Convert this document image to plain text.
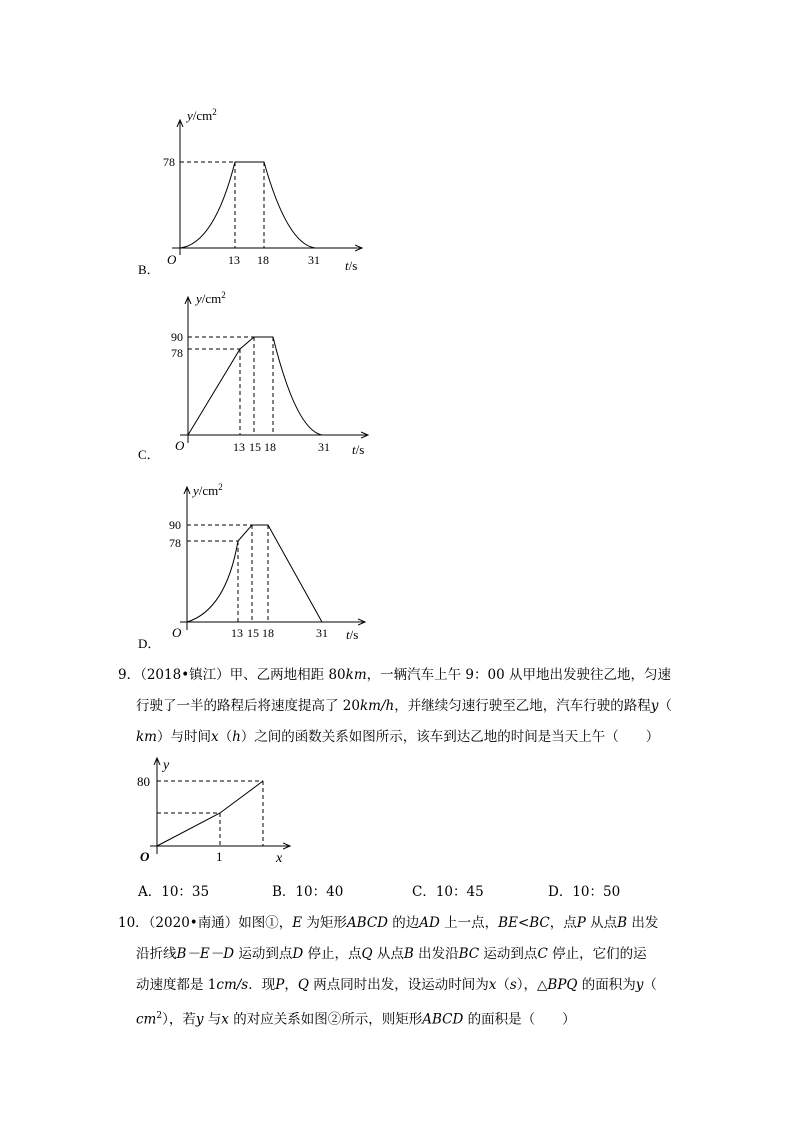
$y/cm^2$
78
O	13 18	31 t/s
B．
$y/cm^2$
90
78
O	13 15 18	31 t/s
C．
$y/cm^2$
90
78
O	13 15 18	31 t/s
D．

9．（2018•镇江）甲、乙两地相距 80km，一辆汽车上午 9：00 从甲地出发驶往乙地，匀速

行驶了一半的路程后将速度提高了 20km/h，并继续匀速行驶至乙地，汽车行驶的路程y（

km）与时间x（h）之间的函数关系如图所示，该车到达乙地的时间是当天上午（　　）

y
80
O	1	x
A．10：35	B．10：40	C．10：45	D．10：50

10．（2020•南通）如图①，E 为矩形ABCD 的边AD 上一点，BE<BC，点P 从点B 出发

沿折线B－E－D 运动到点D 停止，点Q 从点B 出发沿BC 运动到点C 停止，它们的运

动速度都是 1cm/s．现P，Q 两点同时出发，设运动时间为x（s），△BPQ 的面积为y（

$cm^2$），若y 与x 的对应关系如图②所示，则矩形ABCD 的面积是（　　）
